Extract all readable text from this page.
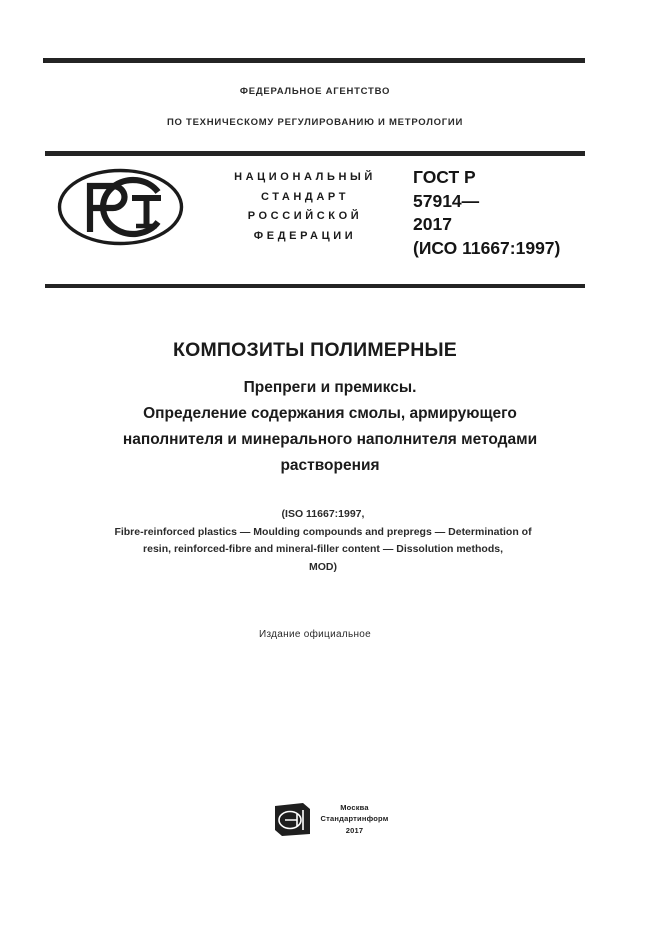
ФЕДЕРАЛЬНОЕ АГЕНТСТВО
ПО ТЕХНИЧЕСКОМУ РЕГУЛИРОВАНИЮ И МЕТРОЛОГИИ
НАЦИОНАЛЬНЫЙ
СТАНДАРТ
РОССИЙСКОЙ
ФЕДЕРАЦИИ
ГОСТ Р
57914—
2017
(ИСО 11667:1997)
КОМПОЗИТЫ ПОЛИМЕРНЫЕ
Препреги и премиксы.
Определение содержания смолы, армирующего
наполнителя и минерального наполнителя методами
растворения
(ISO 11667:1997,
Fibre-reinforced plastics — Moulding compounds and prepregs — Determination of
resin, reinforced-fibre and mineral-filler content — Dissolution methods,
MOD)
Издание официальное
Москва
Стандартинформ
2017
